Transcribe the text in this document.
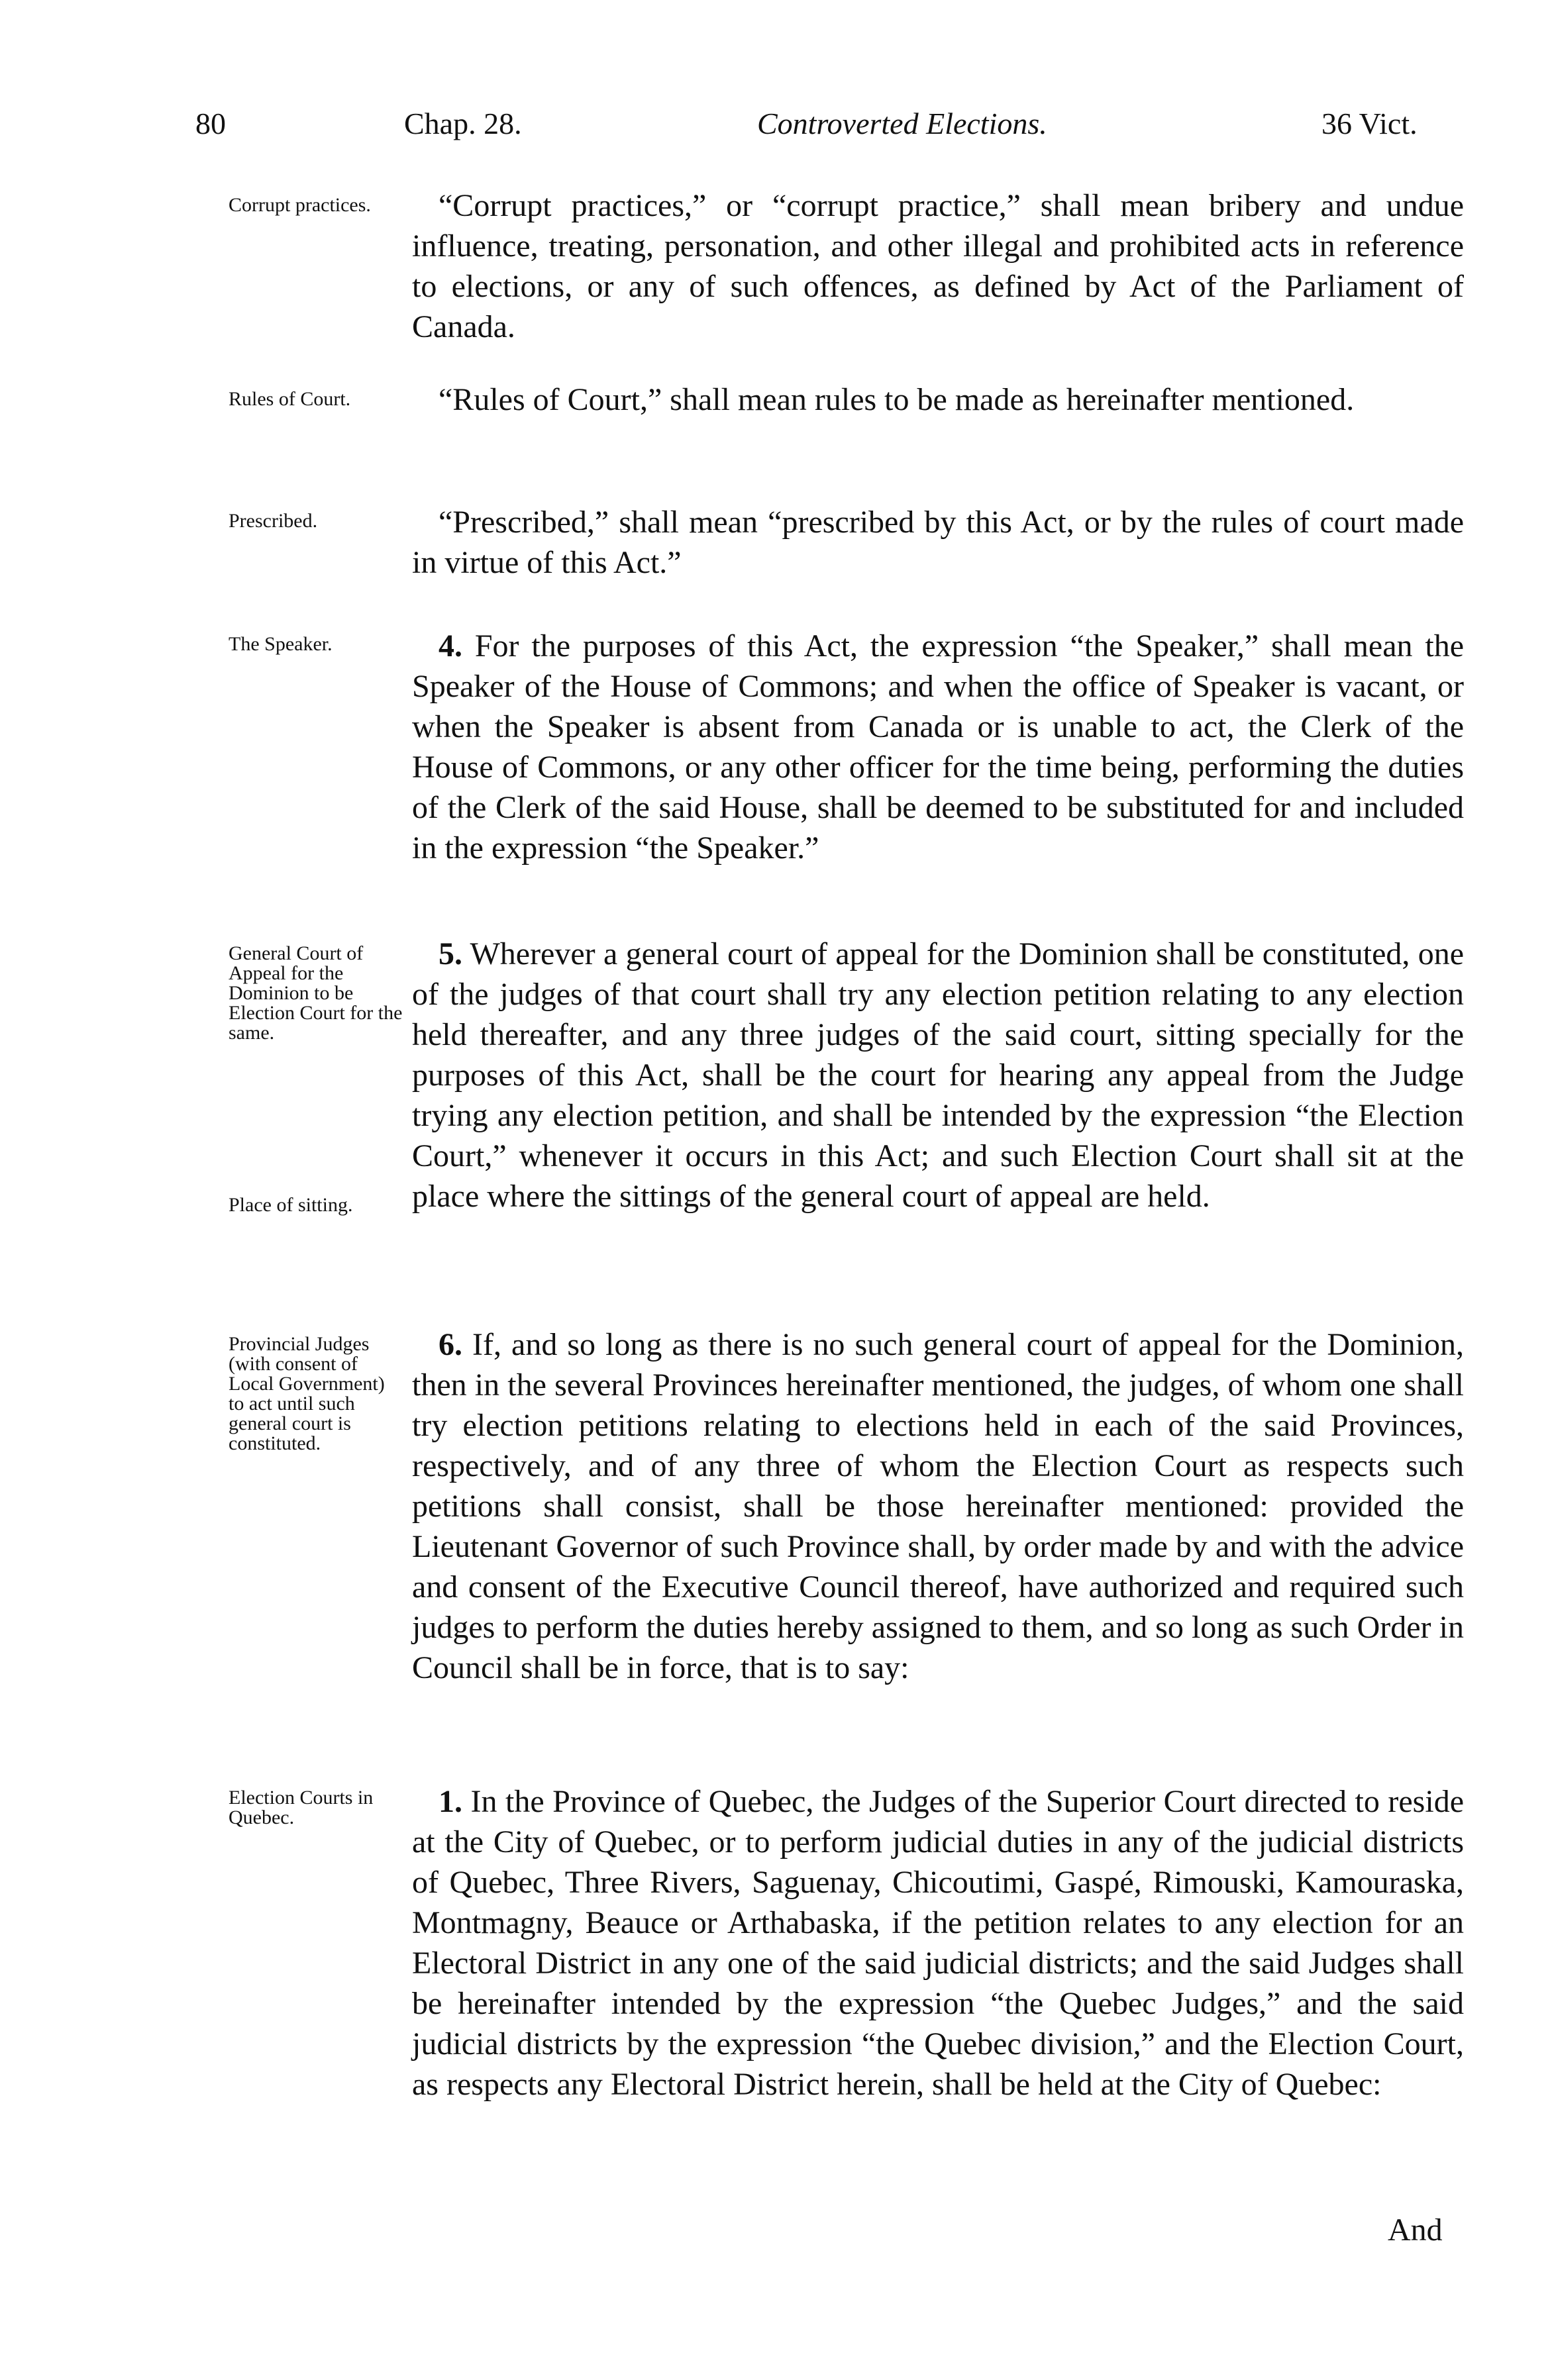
80	Chap. 28.	Controverted Elections.	36 Vict.
Corrupt practices.
Rules of Court.
Prescribed.
The Speaker.
General Court of Appeal for the Dominion to be Election Court for the same.
Place of sitting.
Provincial Judges (with consent of Local Government) to act until such general court is constituted.
Election Courts in Quebec.
“Corrupt practices,” or “corrupt practice,” shall mean bribery and undue influence, treating, personation, and other illegal and prohibited acts in reference to elections, or any of such offences, as defined by Act of the Parliament of Canada.
“Rules of Court,” shall mean rules to be made as hereinafter mentioned.
“Prescribed,” shall mean “prescribed by this Act, or by the rules of court made in virtue of this Act.”
4. For the purposes of this Act, the expression “the Speaker,” shall mean the Speaker of the House of Commons; and when the office of Speaker is vacant, or when the Speaker is absent from Canada or is unable to act, the Clerk of the House of Commons, or any other officer for the time being, performing the duties of the Clerk of the said House, shall be deemed to be substituted for and included in the expression “the Speaker.”
5. Wherever a general court of appeal for the Dominion shall be constituted, one of the judges of that court shall try any election petition relating to any election held thereafter, and any three judges of the said court, sitting specially for the purposes of this Act, shall be the court for hearing any appeal from the Judge trying any election petition, and shall be intended by the expression “the Election Court,” whenever it occurs in this Act; and such Election Court shall sit at the place where the sittings of the general court of appeal are held.
6. If, and so long as there is no such general court of appeal for the Dominion, then in the several Provinces hereinafter mentioned, the judges, of whom one shall try election petitions relating to elections held in each of the said Provinces, respectively, and of any three of whom the Election Court as respects such petitions shall consist, shall be those hereinafter mentioned: provided the Lieutenant Governor of such Province shall, by order made by and with the advice and consent of the Executive Council thereof, have authorized and required such judges to perform the duties hereby assigned to them, and so long as such Order in Council shall be in force, that is to say:
1. In the Province of Quebec, the Judges of the Superior Court directed to reside at the City of Quebec, or to perform judicial duties in any of the judicial districts of Quebec, Three Rivers, Saguenay, Chicoutimi, Gaspé, Rimouski, Kamouraska, Montmagny, Beauce or Arthabaska, if the petition relates to any election for an Electoral District in any one of the said judicial districts; and the said Judges shall be hereinafter intended by the expression “the Quebec Judges,” and the said judicial districts by the expression “the Quebec division,” and the Election Court, as respects any Electoral District herein, shall be held at the City of Quebec:
And
